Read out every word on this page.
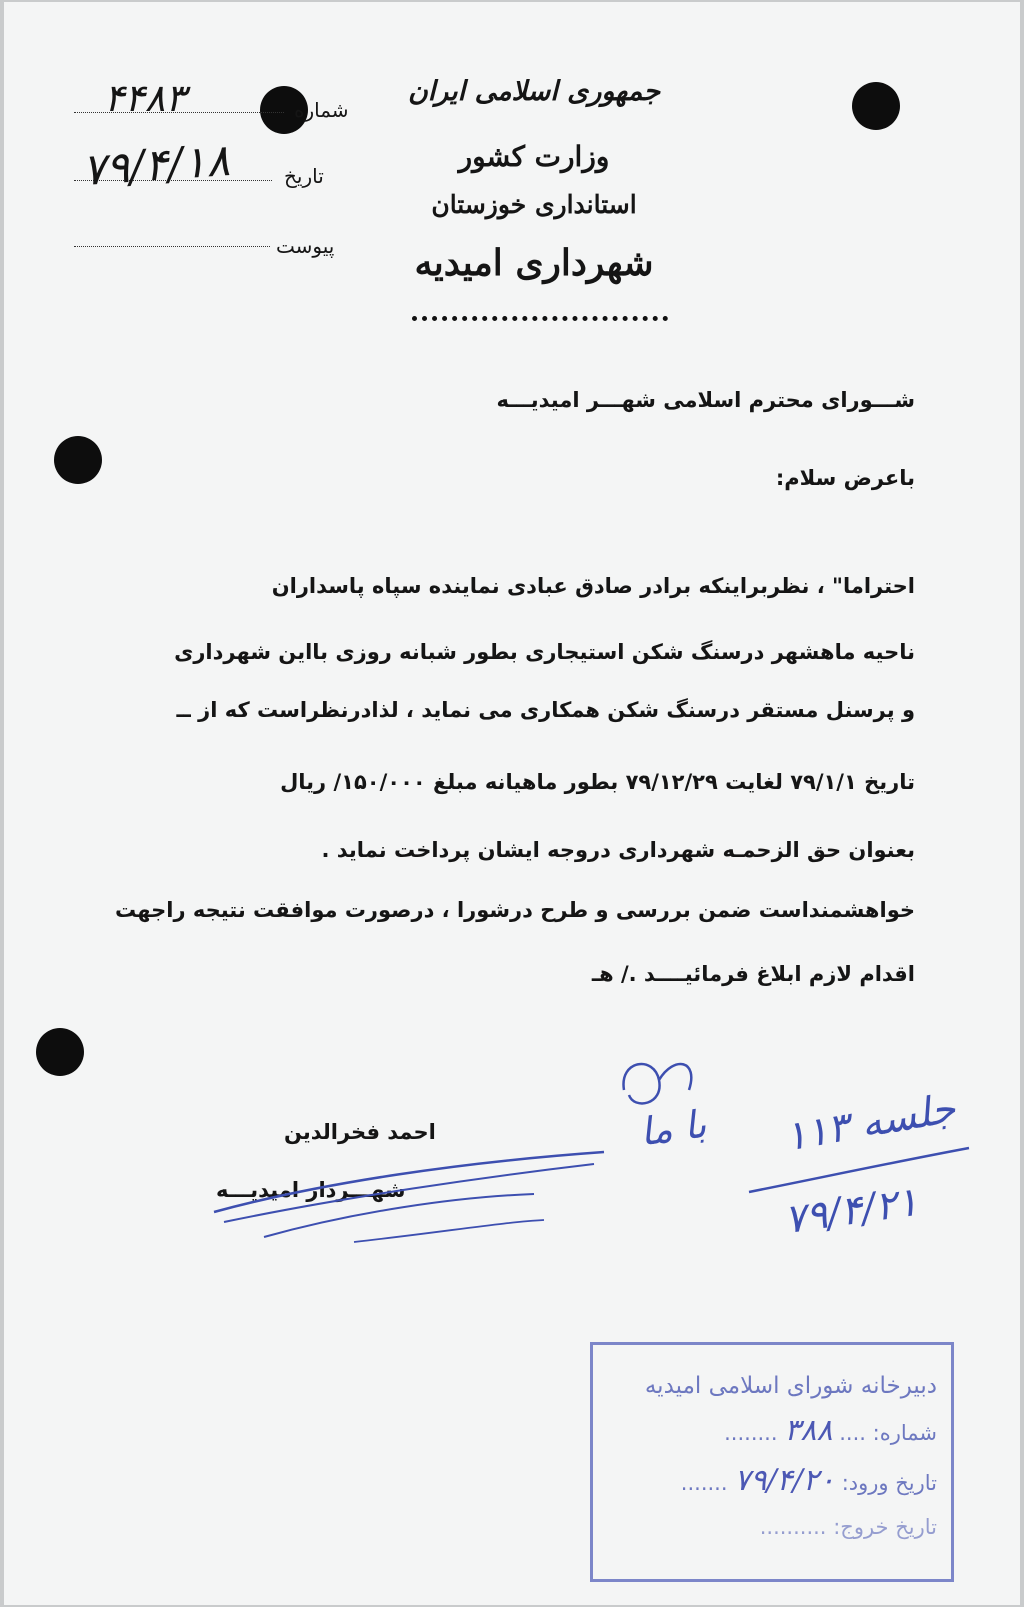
جمهوری اسلامی ایران
وزارت کشور
استانداری خوزستان
شهرداری امیدیه
شماره
۴۴۸۳
تاریخ
۷۹/۴/۱۸
پیوست
شـــورای محترم اسلامی شهـــر امیدیـــه
باعرض سلام:
احتراما" ، نظربراینکه برادر صادق عبادی نماینده سپاه پاسداران
ناحیه ماهشهر درسنگ شکن استیجاری بطور شبانه روزی بااین شهرداری
و پرسنل مستقر درسنگ شکن همکاری می نماید ، لذادرنظراست که از ــ
تاریخ ۷۹/۱/۱ لغایت ۷۹/۱۲/۲۹ بطور ماهیانه مبلغ ۱۵۰/۰۰۰/ ریال
بعنوان حق الزحمـه شهرداری دروجه ایشان پرداخت نماید .
خواهشمنداست ضمن بررسی و طرح درشورا ، درصورت موافقت نتیجه راجهت
اقدام لازم ابلاغ فرمائیــــد ./ هـ
احمد فخرالدین
شهـــردار امیدیـــه
با ما جلسه ۱۱۳
۷۹/۴/۲۱
دبیرخانه شورای اسلامی امیدیه
شماره: .... ۳۸۸ ........
تاریخ ورود: ۷۹/۴/۲۰ .......
تاریخ خروج: ..........
